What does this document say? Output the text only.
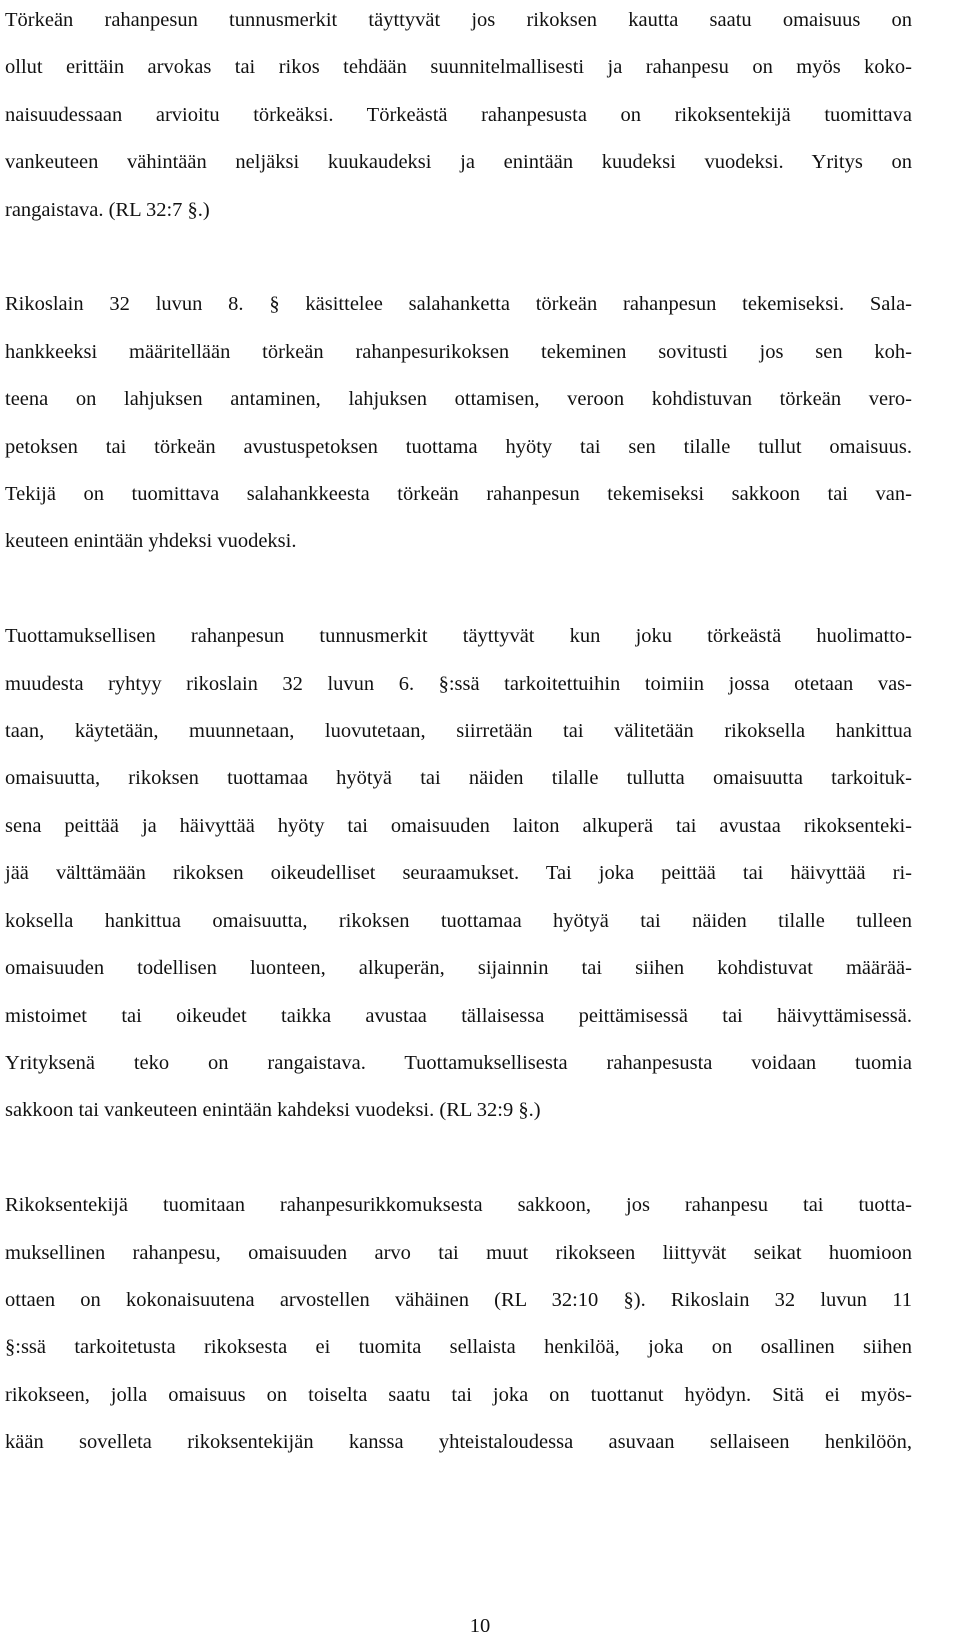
Törkeän rahanpesun tunnusmerkit täyttyvät jos rikoksen kautta saatu omaisuus on
ollut erittäin arvokas tai rikos tehdään suunnitelmallisesti ja rahanpesu on myös koko-
naisuudessaan arvioitu törkeäksi. Törkeästä rahanpesusta on rikoksentekijä tuomittava
vankeuteen vähintään neljäksi kuukaudeksi ja enintään kuudeksi vuodeksi. Yritys on
rangaistava. (RL 32:7 §.)

Rikoslain 32 luvun 8. § käsittelee salahanketta törkeän rahanpesun tekemiseksi. Sala-
hankkeeksi määritellään törkeän rahanpesurikoksen tekeminen sovitusti jos sen koh-
teena on lahjuksen antaminen, lahjuksen ottamisen, veroon kohdistuvan törkeän vero-
petoksen tai törkeän avustuspetoksen tuottama hyöty tai sen tilalle tullut omaisuus.
Tekijä on tuomittava salahankkeesta törkeän rahanpesun tekemiseksi sakkoon tai van-
keuteen enintään yhdeksi vuodeksi.

Tuottamuksellisen rahanpesun tunnusmerkit täyttyvät kun joku törkeästä huolimatto-
muudesta ryhtyy rikoslain 32 luvun 6. §:ssä tarkoitettuihin toimiin jossa otetaan vas-
taan, käytetään, muunnetaan, luovutetaan, siirretään tai välitetään rikoksella hankittua
omaisuutta, rikoksen tuottamaa hyötyä tai näiden tilalle tullutta omaisuutta tarkoituk-
sena peittää ja häivyttää hyöty tai omaisuuden laiton alkuperä tai avustaa rikoksenteki-
jää välttämään rikoksen oikeudelliset seuraamukset. Tai joka peittää tai häivyttää ri-
koksella hankittua omaisuutta, rikoksen tuottamaa hyötyä tai näiden tilalle tulleen
omaisuuden todellisen luonteen, alkuperän, sijainnin tai siihen kohdistuvat määrää-
mistoimet tai oikeudet taikka avustaa tällaisessa peittämisessä tai häivyttämisessä.
Yrityksenä teko on rangaistava. Tuottamuksellisesta rahanpesusta voidaan tuomia
sakkoon tai vankeuteen enintään kahdeksi vuodeksi. (RL 32:9 §.)

Rikoksentekijä tuomitaan rahanpesurikkomuksesta sakkoon, jos rahanpesu tai tuotta-
muksellinen rahanpesu, omaisuuden arvo tai muut rikokseen liittyvät seikat huomioon
ottaen on kokonaisuutena arvostellen vähäinen (RL 32:10 §). Rikoslain 32 luvun 11
§:ssä tarkoitetusta rikoksesta ei tuomita sellaista henkilöä, joka on osallinen siihen
rikokseen, jolla omaisuus on toiselta saatu tai joka on tuottanut hyödyn. Sitä ei myös-
kään sovelleta rikoksentekijän kanssa yhteistaloudessa asuvaan sellaiseen henkilöön,

10
